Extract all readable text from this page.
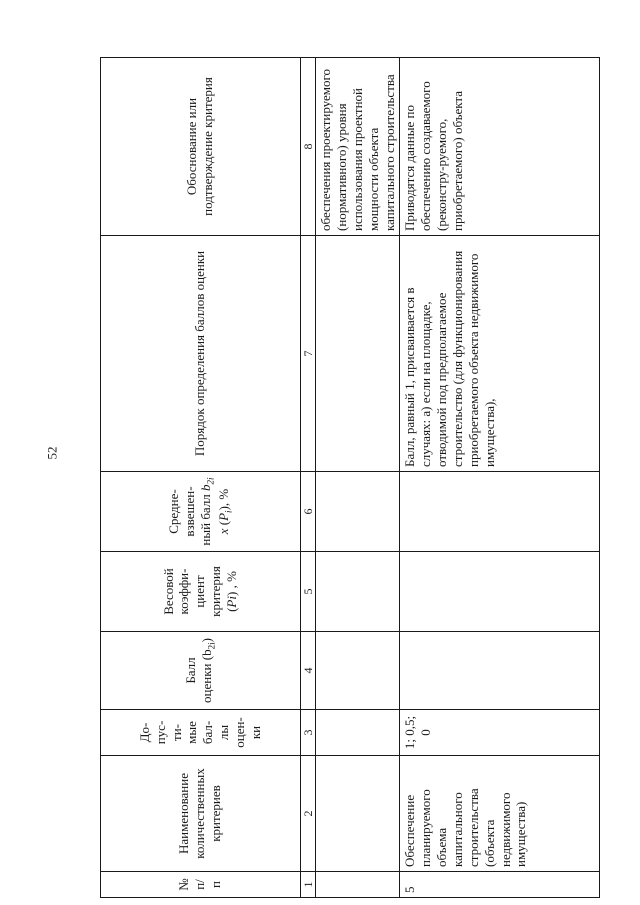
52
№ п/п	Наименование количественных критериев	До-пус-ти-мые бал-лы оцен-ки	Балл оценки $(b_{2i})$	Весовой коэффи-циент критерия (Pi) , %	Средне-взвешен-ный балл $b_{2i}$ x $(P_i)$, %	Порядок определения баллов оценки	Обоснование или подтверждение критерия
1	2	3	4	5	6	7	8
							обеспечения проектируемого (нормативного) уровня использования проектной мощности объекта капитального строительства
5	Обеспечение планируемого объема капитального строительства (объекта недвижимого имущества)	1; 0,5; 0				Балл, равный 1, присваивается в случаях: а) если на площадке, отводимой под предполагаемое строительство (для функционирования приобретаемого объекта недвижимого имущества),	Приводятся данные по обеспечению создаваемого (реконстру-руемого, приобретаемого) объекта
